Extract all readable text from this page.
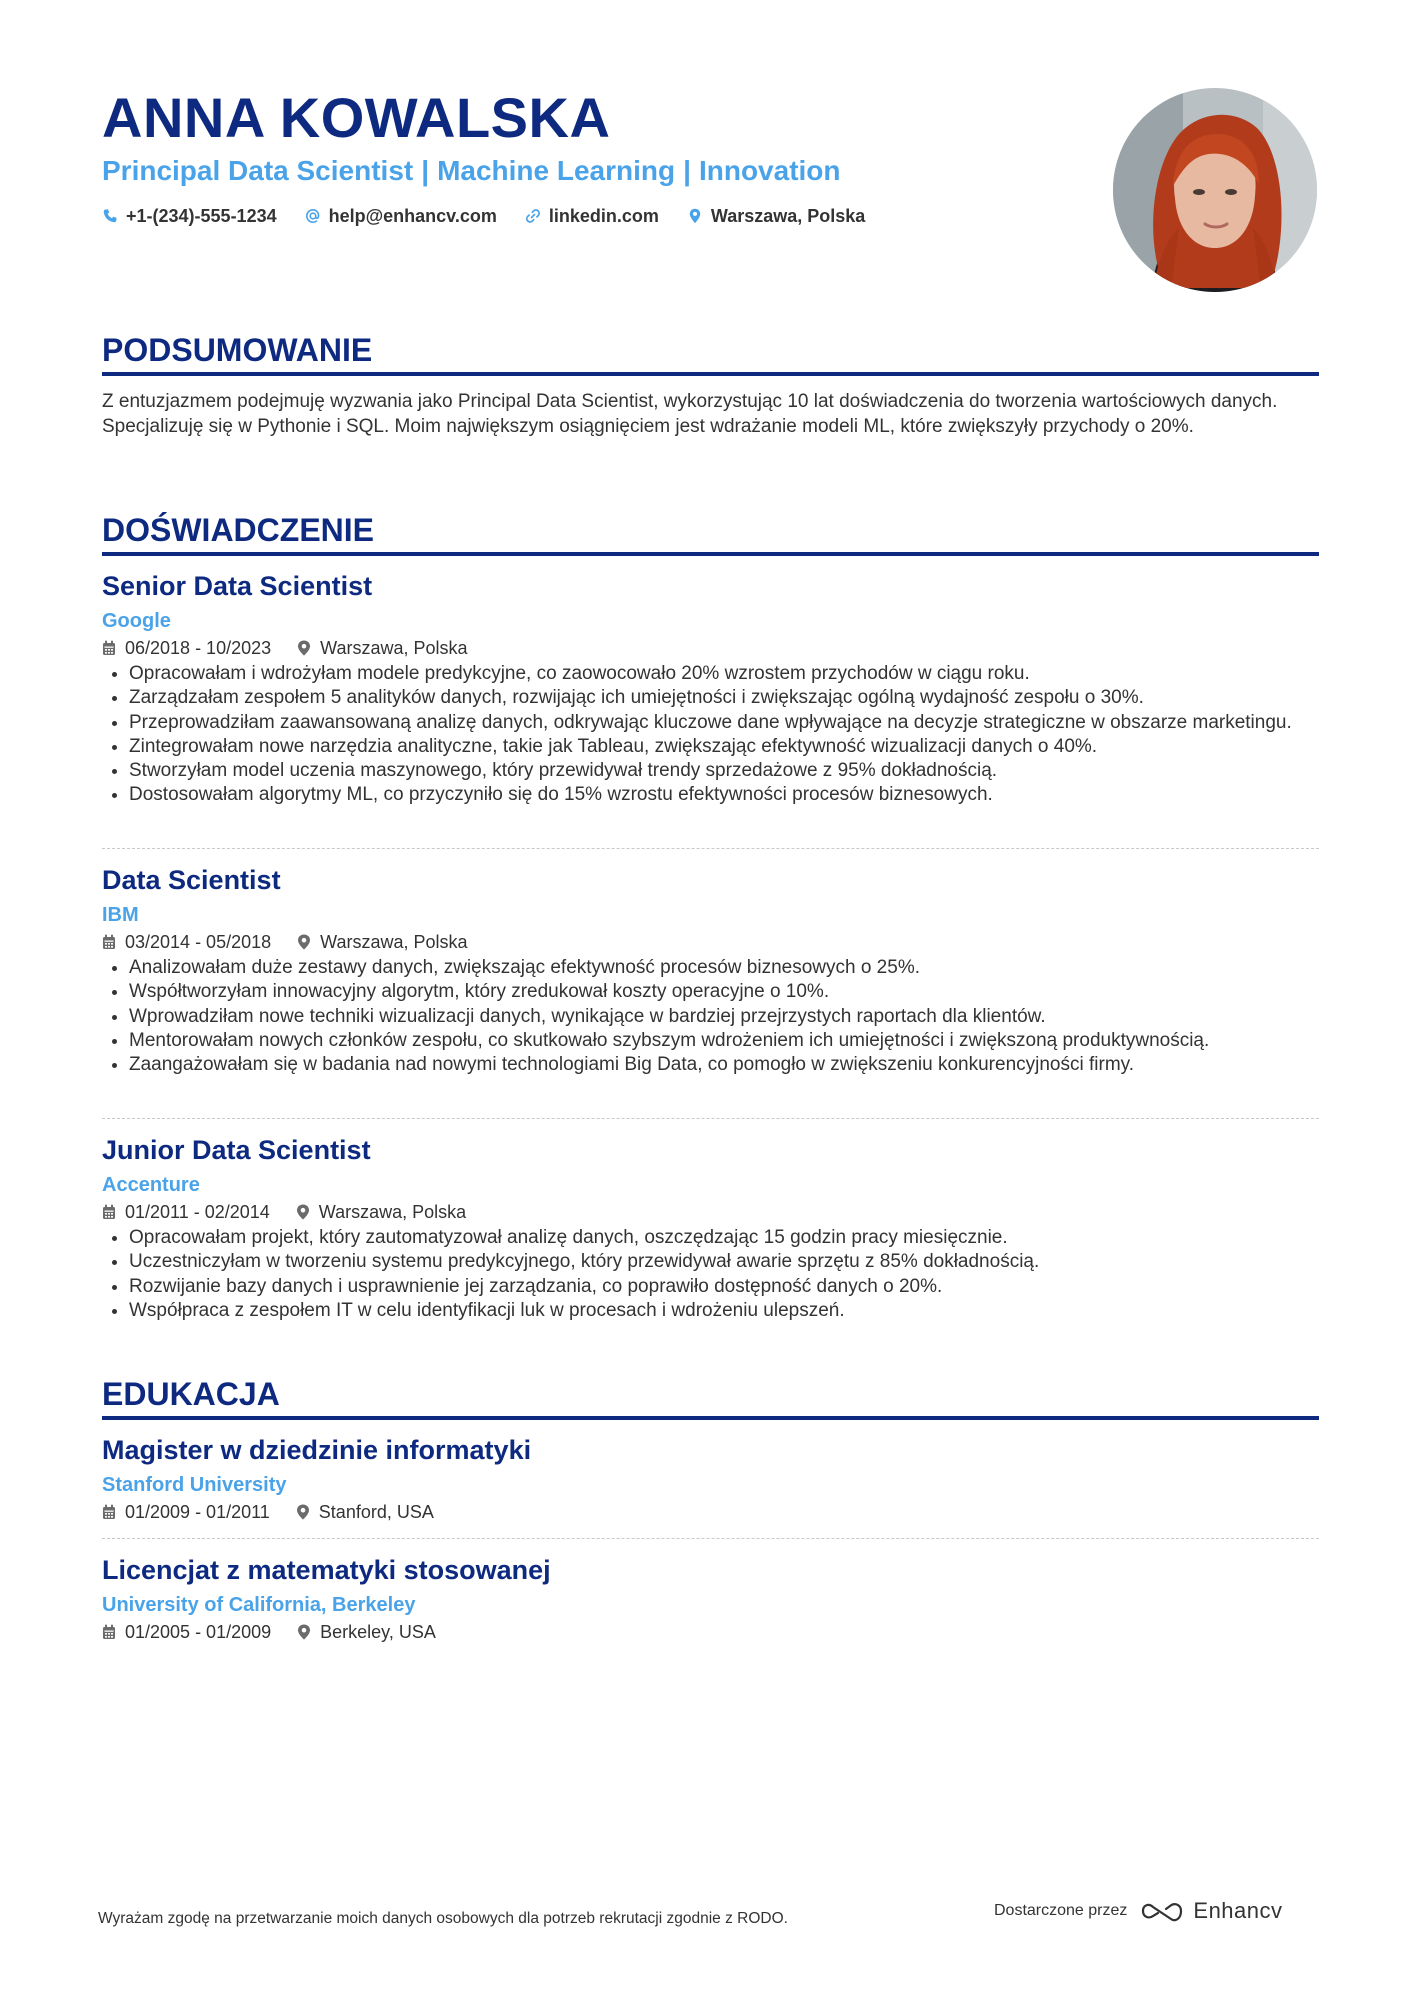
ANNA KOWALSKA
Principal Data Scientist | Machine Learning | Innovation
+1-(234)-555-1234	help@enhancv.com	linkedin.com	Warszawa, Polska
PODSUMOWANIE

Z entuzjazmem podejmuję wyzwania jako Principal Data Scientist, wykorzystując 10 lat doświadczenia do tworzenia wartościowych danych. Specjalizuję się w Pythonie i SQL. Moim największym osiągnięciem jest wdrażanie modeli ML, które zwiększyły przychody o 20%.

DOŚWIADCZENIE
Senior Data Scientist
Google
06/2018 - 10/2023	Warszawa, Polska
• Opracowałam i wdrożyłam modele predykcyjne, co zaowocowało 20% wzrostem przychodów w ciągu roku.
• Zarządzałam zespołem 5 analityków danych, rozwijając ich umiejętności i zwiększając ogólną wydajność zespołu o 30%.
• Przeprowadziłam zaawansowaną analizę danych, odkrywając kluczowe dane wpływające na decyzje strategiczne w obszarze marketingu.
• Zintegrowałam nowe narzędzia analityczne, takie jak Tableau, zwiększając efektywność wizualizacji danych o 40%.
• Stworzyłam model uczenia maszynowego, który przewidywał trendy sprzedażowe z 95% dokładnością.
• Dostosowałam algorytmy ML, co przyczyniło się do 15% wzrostu efektywności procesów biznesowych.
Data Scientist
IBM
03/2014 - 05/2018	Warszawa, Polska
• Analizowałam duże zestawy danych, zwiększając efektywność procesów biznesowych o 25%.
• Współtworzyłam innowacyjny algorytm, który zredukował koszty operacyjne o 10%.
• Wprowadziłam nowe techniki wizualizacji danych, wynikające w bardziej przejrzystych raportach dla klientów.
• Mentorowałam nowych członków zespołu, co skutkowało szybszym wdrożeniem ich umiejętności i zwiększoną produktywnością.
• Zaangażowałam się w badania nad nowymi technologiami Big Data, co pomogło w zwiększeniu konkurencyjności firmy.
Junior Data Scientist
Accenture
01/2011 - 02/2014	Warszawa, Polska
• Opracowałam projekt, który zautomatyzował analizę danych, oszczędzając 15 godzin pracy miesięcznie.
• Uczestniczyłam w tworzeniu systemu predykcyjnego, który przewidywał awarie sprzętu z 85% dokładnością.
• Rozwijanie bazy danych i usprawnienie jej zarządzania, co poprawiło dostępność danych o 20%.
• Współpraca z zespołem IT w celu identyfikacji luk w procesach i wdrożeniu ulepszeń.
EDUKACJA
Magister w dziedzinie informatyki
Stanford University
01/2009 - 01/2011	Stanford, USA
Licencjat z matematyki stosowanej
University of California, Berkeley
01/2005 - 01/2009	Berkeley, USA
Wyrażam zgodę na przetwarzanie moich danych osobowych dla potrzeb rekrutacji zgodnie z RODO.	Dostarczone przez	Enhancv
